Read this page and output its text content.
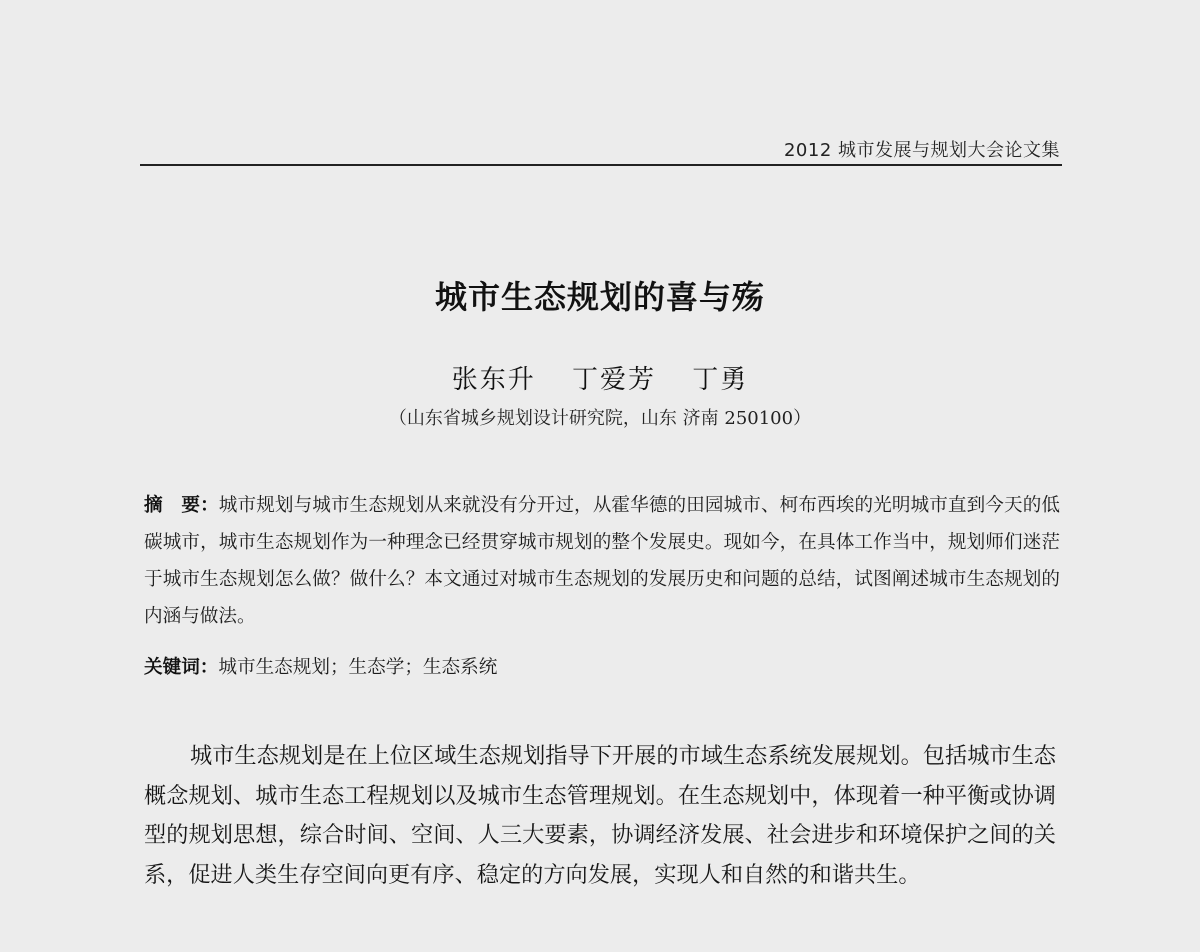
2012 城市发展与规划大会论文集
城市生态规划的喜与殇
张东升 丁爱芳 丁勇
（山东省城乡规划设计研究院，山东 济南 250100）
摘　要：城市规划与城市生态规划从来就没有分开过，从霍华德的田园城市、柯布西埃的光明城市直到今天的低碳城市，城市生态规划作为一种理念已经贯穿城市规划的整个发展史。现如今，在具体工作当中，规划师们迷茫于城市生态规划怎么做？做什么？本文通过对城市生态规划的发展历史和问题的总结，试图阐述城市生态规划的内涵与做法。
关键词：城市生态规划；生态学；生态系统
城市生态规划是在上位区域生态规划指导下开展的市域生态系统发展规划。包括城市生态概念规划、城市生态工程规划以及城市生态管理规划。在生态规划中，体现着一种平衡或协调型的规划思想，综合时间、空间、人三大要素，协调经济发展、社会进步和环境保护之间的关系，促进人类生存空间向更有序、稳定的方向发展，实现人和自然的和谐共生。
